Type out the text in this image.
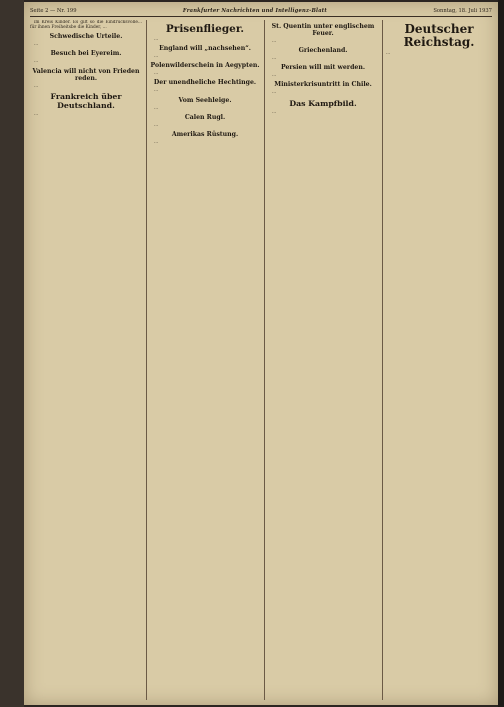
Seite 2 — Nr. 199	Frankfurter Nachrichten und Intelligenz-Blatt	Sonntag, 18. Juli 1937

im Kreis Kinder. Es gilt so die Eindrucksvolle... für ihnen Freiheitsbe die Kinder, ...

Schwedische Urteile.

...

Besuch bei Eyereim.

...

Valencia will nicht von Frieden reden.

...

Frankreich über Deutschland.

...

Prisenflieger.

...

England will „nachsehen“.

...

Polenwilderschein in Aegypten.

...

Der unendheliche Hechtinge.

...

Vom Seehleige.

...

Calen Rugl.

...

Amerikas Rüstung.

...

St. Quentin unter englischem Feuer.

...

Griechenland.

...

Persien will mit werden.

...

Ministerkrisuntritt in Chile.

...

Das Kampfbild.

...

Deutscher Reichstag.

...
